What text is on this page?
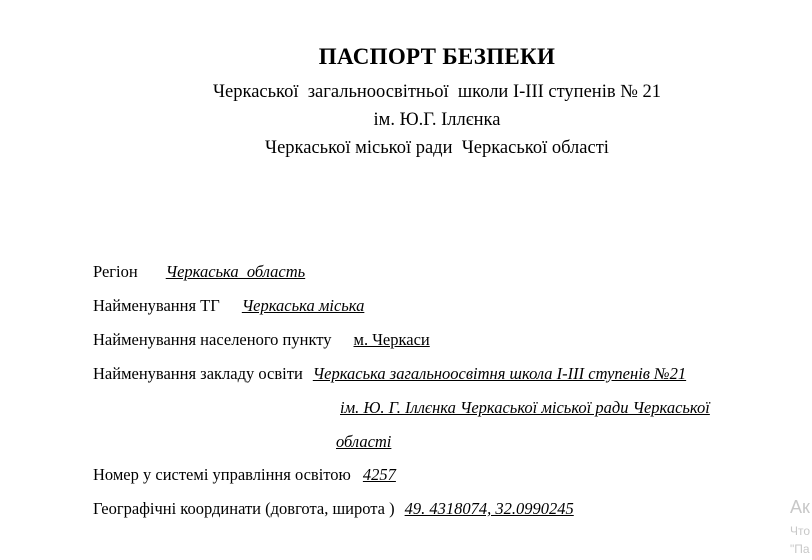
ПАСПОРТ БЕЗПЕКИ
Черкаської  загальноосвітньої  школи І-ІІІ ступенів № 21
ім. Ю.Г. Іллєнка
Черкаської міської ради  Черкаської області
Регіон Черкаська  область
Найменування ТГ Черкаська міська
Найменування населеного пункту м. Черкаси
Найменування закладу освіти Черкаська загальноосвітня школа І-ІІІ ступенів №21
ім. Ю. Г. Іллєнка Черкаської міської ради Черкаської
області
Номер у системі управління освітою 4257
Географічні координати (довгота, широта ) 49. 4318074, 32.0990245	Ак
Что
"Па
